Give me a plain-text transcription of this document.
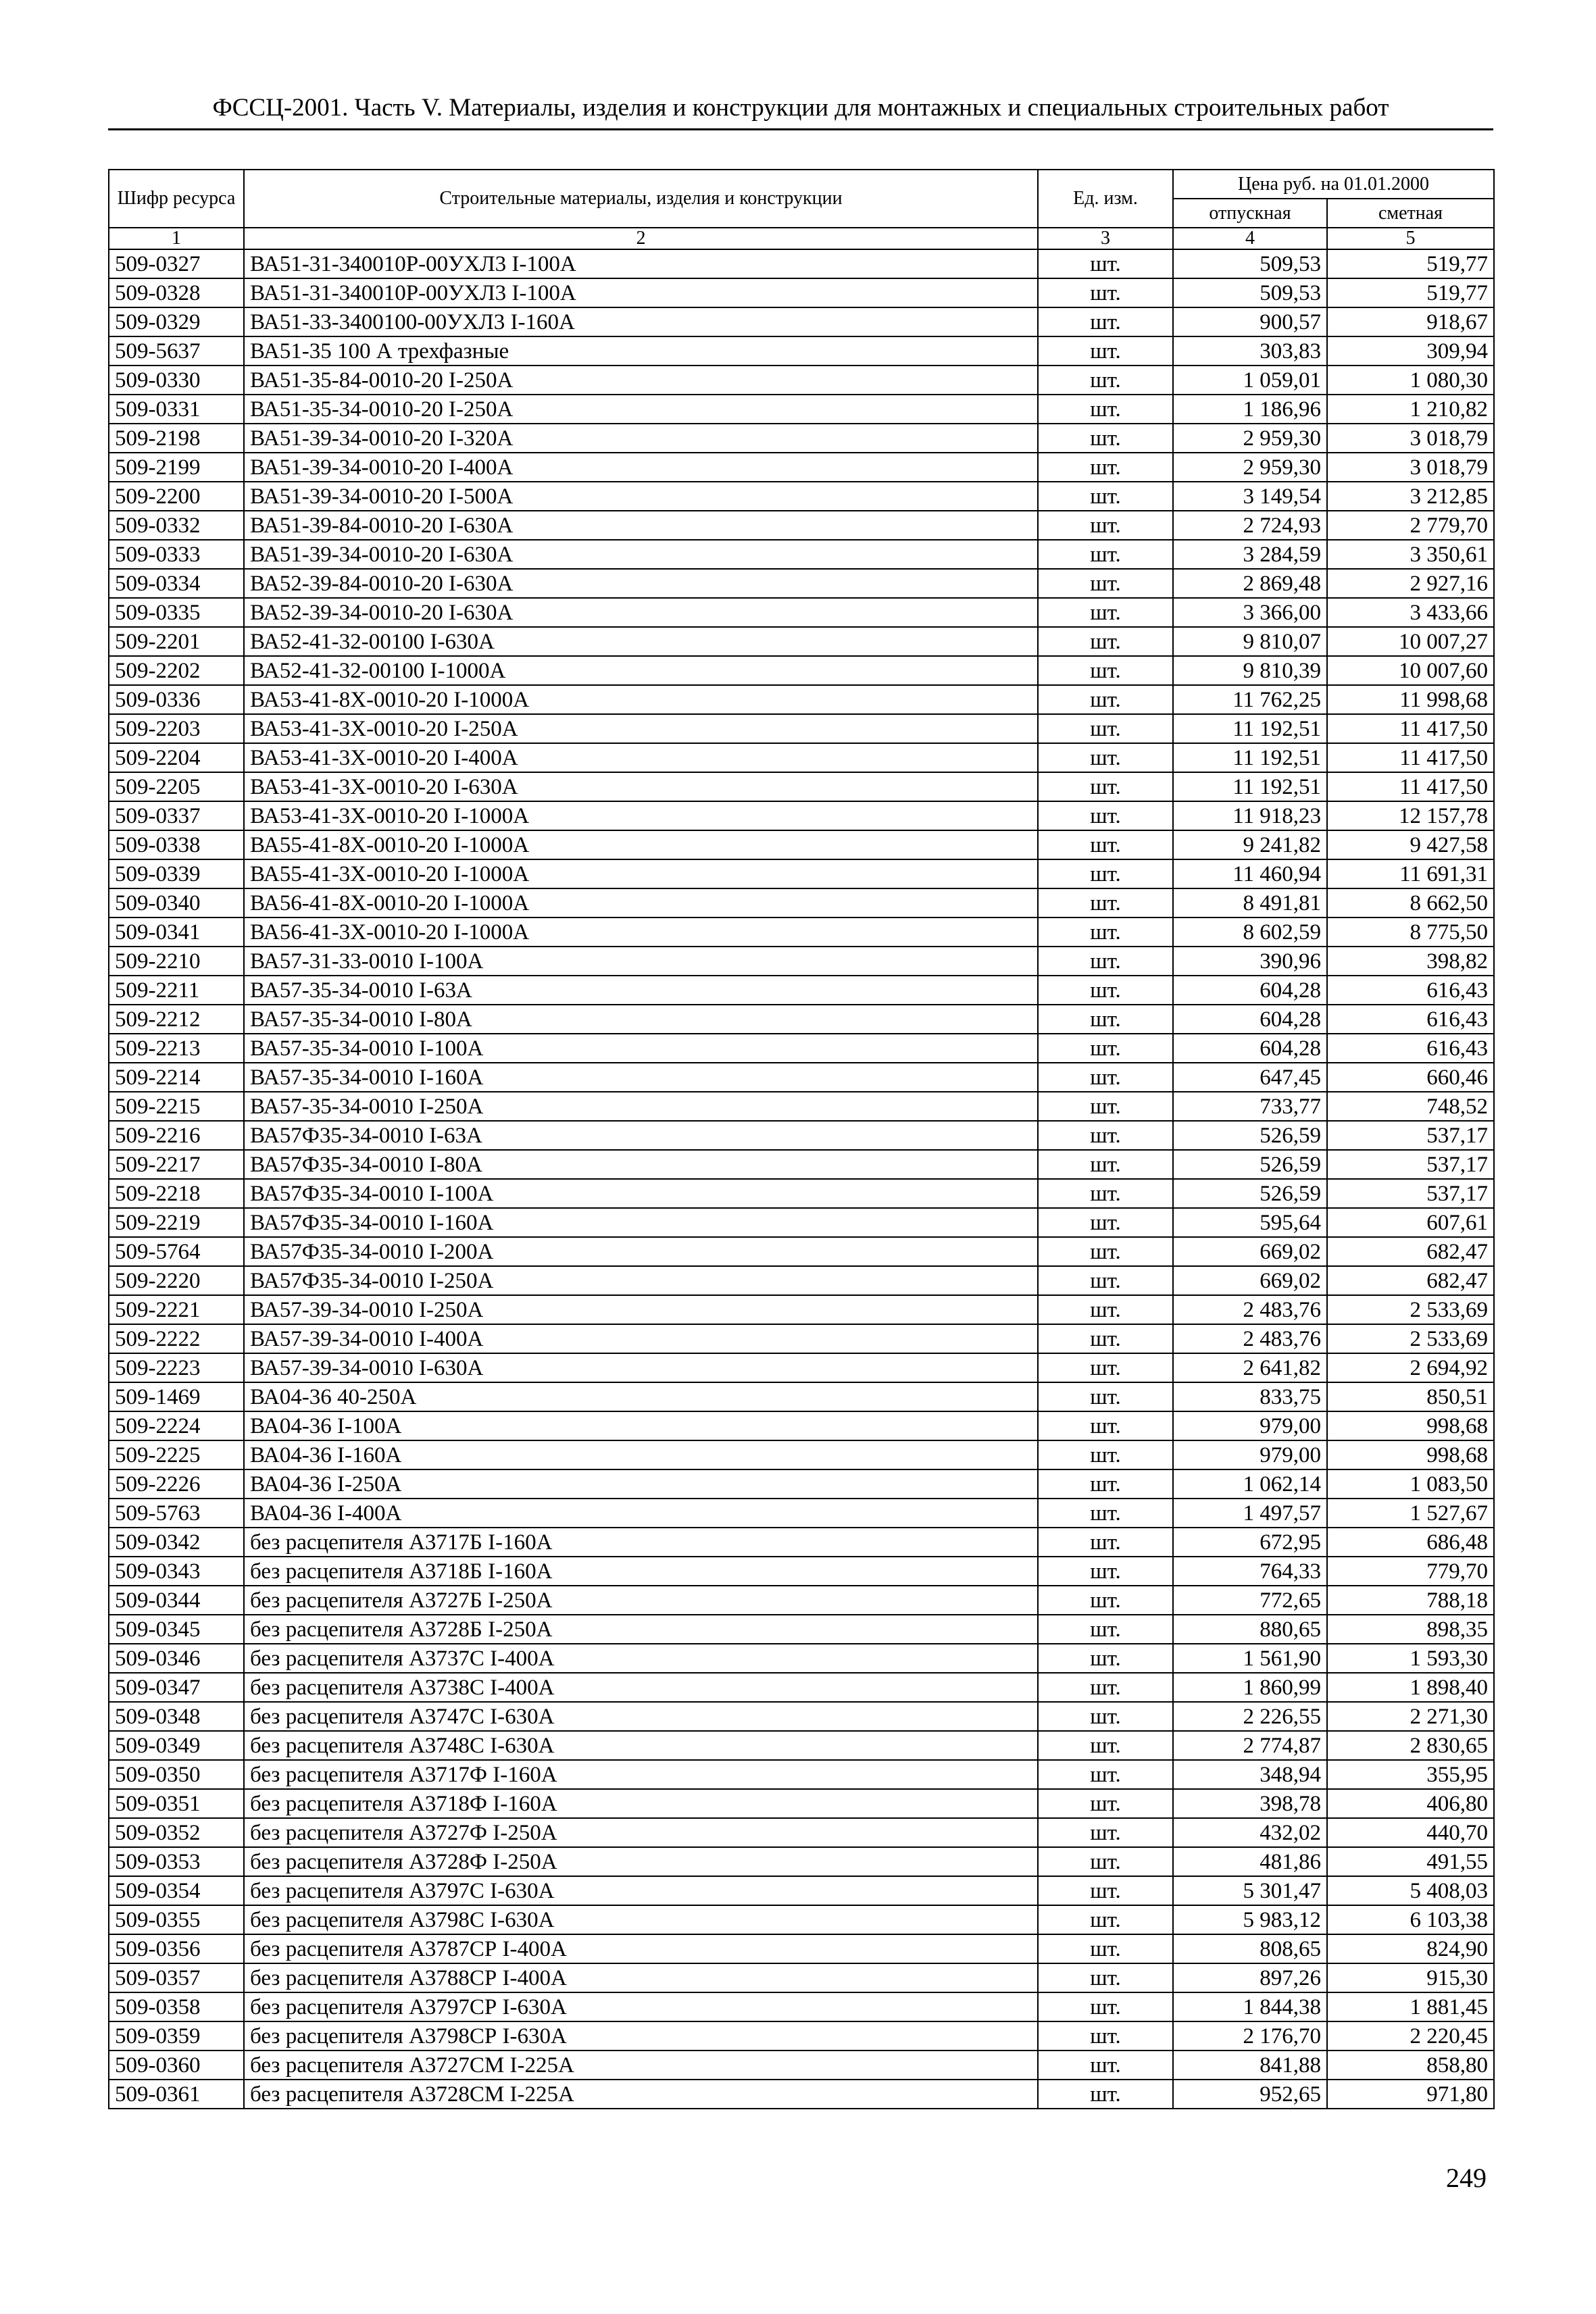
ФССЦ-2001. Часть V. Материалы, изделия и конструкции для монтажных и специальных строительных работ
Шифр ресурса	Строительные материалы, изделия и конструкции	Ед. изм.	Цена руб. на 01.01.2000	
			отпускная	сметная
1	2	3	4	5
509-0327	ВА51-31-340010Р-00УХЛ3 I-100А	шт.	509,53	519,77
509-0328	ВА51-31-340010Р-00УХЛ3 I-100А	шт.	509,53	519,77
509-0329	ВА51-33-3400100-00УХЛ3 I-160А	шт.	900,57	918,67
509-5637	ВА51-35 100 А трехфазные	шт.	303,83	309,94
509-0330	ВА51-35-84-0010-20 I-250А	шт.	1 059,01	1 080,30
509-0331	ВА51-35-34-0010-20 I-250А	шт.	1 186,96	1 210,82
509-2198	ВА51-39-34-0010-20 I-320А	шт.	2 959,30	3 018,79
509-2199	ВА51-39-34-0010-20 I-400А	шт.	2 959,30	3 018,79
509-2200	ВА51-39-34-0010-20 I-500А	шт.	3 149,54	3 212,85
509-0332	ВА51-39-84-0010-20 I-630А	шт.	2 724,93	2 779,70
509-0333	ВА51-39-34-0010-20 I-630А	шт.	3 284,59	3 350,61
509-0334	ВА52-39-84-0010-20 I-630А	шт.	2 869,48	2 927,16
509-0335	ВА52-39-34-0010-20 I-630А	шт.	3 366,00	3 433,66
509-2201	ВА52-41-32-00100 I-630А	шт.	9 810,07	10 007,27
509-2202	ВА52-41-32-00100 I-1000А	шт.	9 810,39	10 007,60
509-0336	ВА53-41-8Х-0010-20 I-1000А	шт.	11 762,25	11 998,68
509-2203	ВА53-41-3Х-0010-20 I-250А	шт.	11 192,51	11 417,50
509-2204	ВА53-41-3Х-0010-20 I-400А	шт.	11 192,51	11 417,50
509-2205	ВА53-41-3Х-0010-20 I-630А	шт.	11 192,51	11 417,50
509-0337	ВА53-41-3Х-0010-20 I-1000А	шт.	11 918,23	12 157,78
509-0338	ВА55-41-8Х-0010-20 I-1000А	шт.	9 241,82	9 427,58
509-0339	ВА55-41-3Х-0010-20 I-1000А	шт.	11 460,94	11 691,31
509-0340	ВА56-41-8Х-0010-20 I-1000А	шт.	8 491,81	8 662,50
509-0341	ВА56-41-3Х-0010-20 I-1000А	шт.	8 602,59	8 775,50
509-2210	ВА57-31-33-0010 I-100А	шт.	390,96	398,82
509-2211	ВА57-35-34-0010 I-63А	шт.	604,28	616,43
509-2212	ВА57-35-34-0010 I-80А	шт.	604,28	616,43
509-2213	ВА57-35-34-0010 I-100А	шт.	604,28	616,43
509-2214	ВА57-35-34-0010 I-160А	шт.	647,45	660,46
509-2215	ВА57-35-34-0010 I-250А	шт.	733,77	748,52
509-2216	ВА57Ф35-34-0010 I-63А	шт.	526,59	537,17
509-2217	ВА57Ф35-34-0010 I-80А	шт.	526,59	537,17
509-2218	ВА57Ф35-34-0010 I-100А	шт.	526,59	537,17
509-2219	ВА57Ф35-34-0010 I-160А	шт.	595,64	607,61
509-5764	ВА57Ф35-34-0010 I-200А	шт.	669,02	682,47
509-2220	ВА57Ф35-34-0010 I-250А	шт.	669,02	682,47
509-2221	ВА57-39-34-0010 I-250А	шт.	2 483,76	2 533,69
509-2222	ВА57-39-34-0010 I-400А	шт.	2 483,76	2 533,69
509-2223	ВА57-39-34-0010 I-630А	шт.	2 641,82	2 694,92
509-1469	ВА04-36 40-250А	шт.	833,75	850,51
509-2224	ВА04-36 I-100А	шт.	979,00	998,68
509-2225	ВА04-36 I-160А	шт.	979,00	998,68
509-2226	ВА04-36 I-250А	шт.	1 062,14	1 083,50
509-5763	ВА04-36 I-400А	шт.	1 497,57	1 527,67
509-0342	без расцепителя А3717Б I-160А	шт.	672,95	686,48
509-0343	без расцепителя А3718Б I-160А	шт.	764,33	779,70
509-0344	без расцепителя А3727Б I-250А	шт.	772,65	788,18
509-0345	без расцепителя А3728Б I-250А	шт.	880,65	898,35
509-0346	без расцепителя А3737С I-400А	шт.	1 561,90	1 593,30
509-0347	без расцепителя А3738С I-400А	шт.	1 860,99	1 898,40
509-0348	без расцепителя А3747С I-630А	шт.	2 226,55	2 271,30
509-0349	без расцепителя А3748С I-630А	шт.	2 774,87	2 830,65
509-0350	без расцепителя А3717Ф I-160А	шт.	348,94	355,95
509-0351	без расцепителя А3718Ф I-160А	шт.	398,78	406,80
509-0352	без расцепителя А3727Ф I-250А	шт.	432,02	440,70
509-0353	без расцепителя А3728Ф I-250А	шт.	481,86	491,55
509-0354	без расцепителя А3797С I-630А	шт.	5 301,47	5 408,03
509-0355	без расцепителя А3798С I-630А	шт.	5 983,12	6 103,38
509-0356	без расцепителя А3787СР I-400А	шт.	808,65	824,90
509-0357	без расцепителя А3788СР I-400А	шт.	897,26	915,30
509-0358	без расцепителя А3797СР I-630А	шт.	1 844,38	1 881,45
509-0359	без расцепителя А3798СР I-630А	шт.	2 176,70	2 220,45
509-0360	без расцепителя А3727СМ I-225А	шт.	841,88	858,80
509-0361	без расцепителя А3728СМ I-225А	шт.	952,65	971,80
249
